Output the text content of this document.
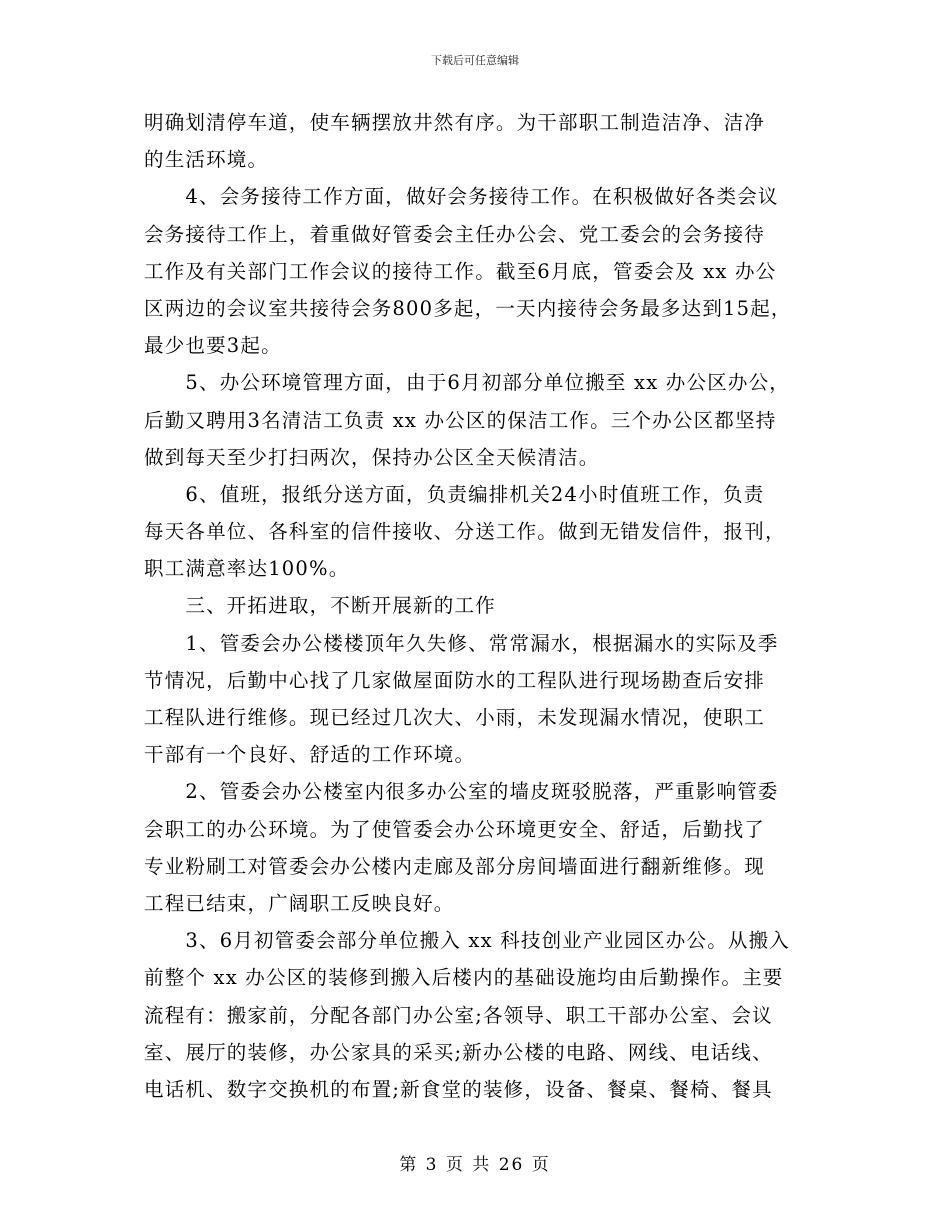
下载后可任意编辑
明确划清停车道，使车辆摆放井然有序。为干部职工制造洁净、洁净
的生活环境。
　　4、会务接待工作方面，做好会务接待工作。在积极做好各类会议
会务接待工作上，着重做好管委会主任办公会、党工委会的会务接待
工作及有关部门工作会议的接待工作。截至6月底，管委会及 xx 办公
区两边的会议室共接待会务800多起，一天内接待会务最多达到15起，
最少也要3起。
　　5、办公环境管理方面，由于6月初部分单位搬至 xx 办公区办公，
后勤又聘用3名清洁工负责 xx 办公区的保洁工作。三个办公区都坚持
做到每天至少打扫两次，保持办公区全天候清洁。
　　6、值班，报纸分送方面，负责编排机关24小时值班工作，负责
每天各单位、各科室的信件接收、分送工作。做到无错发信件，报刊，
职工满意率达100%。
　　三、开拓进取，不断开展新的工作
　　1、管委会办公楼楼顶年久失修、常常漏水，根据漏水的实际及季
节情况，后勤中心找了几家做屋面防水的工程队进行现场勘查后安排
工程队进行维修。现已经过几次大、小雨，未发现漏水情况，使职工
干部有一个良好、舒适的工作环境。
　　2、管委会办公楼室内很多办公室的墙皮斑驳脱落，严重影响管委
会职工的办公环境。为了使管委会办公环境更安全、舒适，后勤找了
专业粉刷工对管委会办公楼内走廊及部分房间墙面进行翻新维修。现
工程已结束，广阔职工反映良好。
　　3、6月初管委会部分单位搬入 xx 科技创业产业园区办公。从搬入
前整个 xx 办公区的装修到搬入后楼内的基础设施均由后勤操作。主要
流程有：搬家前，分配各部门办公室;各领导、职工干部办公室、会议
室、展厅的装修，办公家具的采买;新办公楼的电路、网线、电话线、
电话机、数字交换机的布置;新食堂的装修，设备、餐桌、餐椅、餐具
第 3 页 共 26 页
